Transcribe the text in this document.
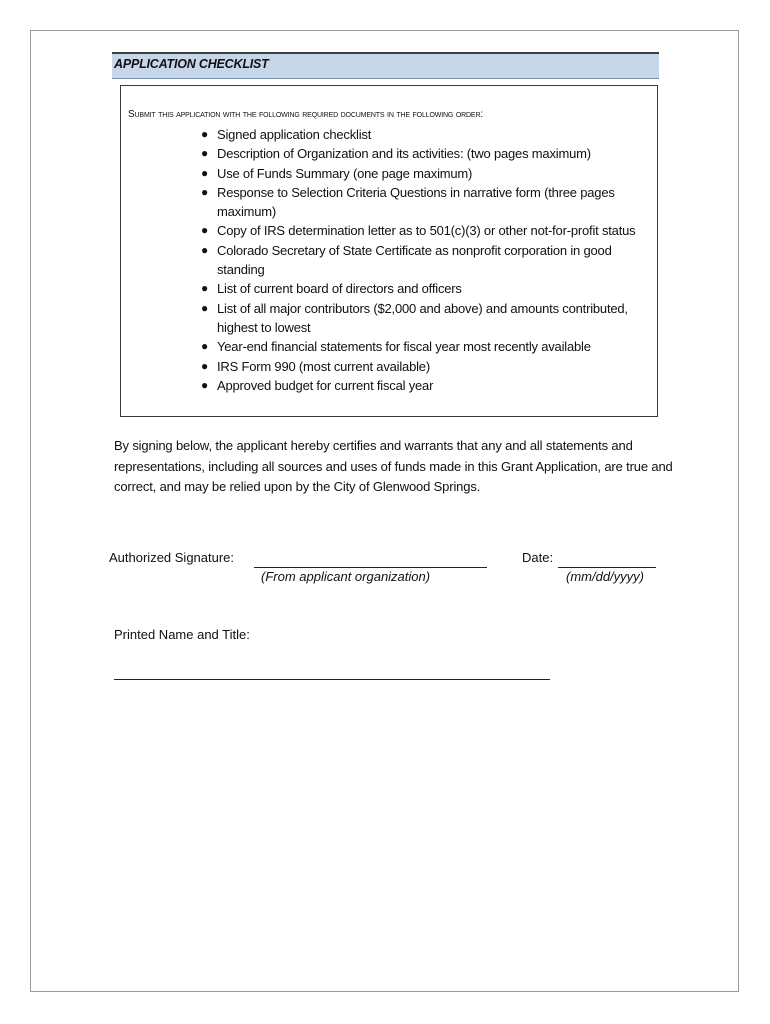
APPLICATION CHECKLIST
Submit this application with the following required documents in the following order:
● Signed application checklist
● Description of Organization and its activities: (two pages maximum)
● Use of Funds Summary (one page maximum)
● Response to Selection Criteria Questions in narrative form (three pages maximum)
● Copy of IRS determination letter as to 501(c)(3) or other not-for-profit status
● Colorado Secretary of State Certificate as nonprofit corporation in good standing
● List of current board of directors and officers
● List of all major contributors ($2,000 and above) and amounts contributed, highest to lowest
● Year-end financial statements for fiscal year most recently available
● IRS Form 990 (most current available)
● Approved budget for current fiscal year
By signing below, the applicant hereby certifies and warrants that any and all statements and representations, including all sources and uses of funds made in this Grant Application, are true and correct, and may be relied upon by the City of Glenwood Springs.
Authorized Signature:
(From applicant organization)
Date:
(mm/dd/yyyy)
Printed Name and Title:
